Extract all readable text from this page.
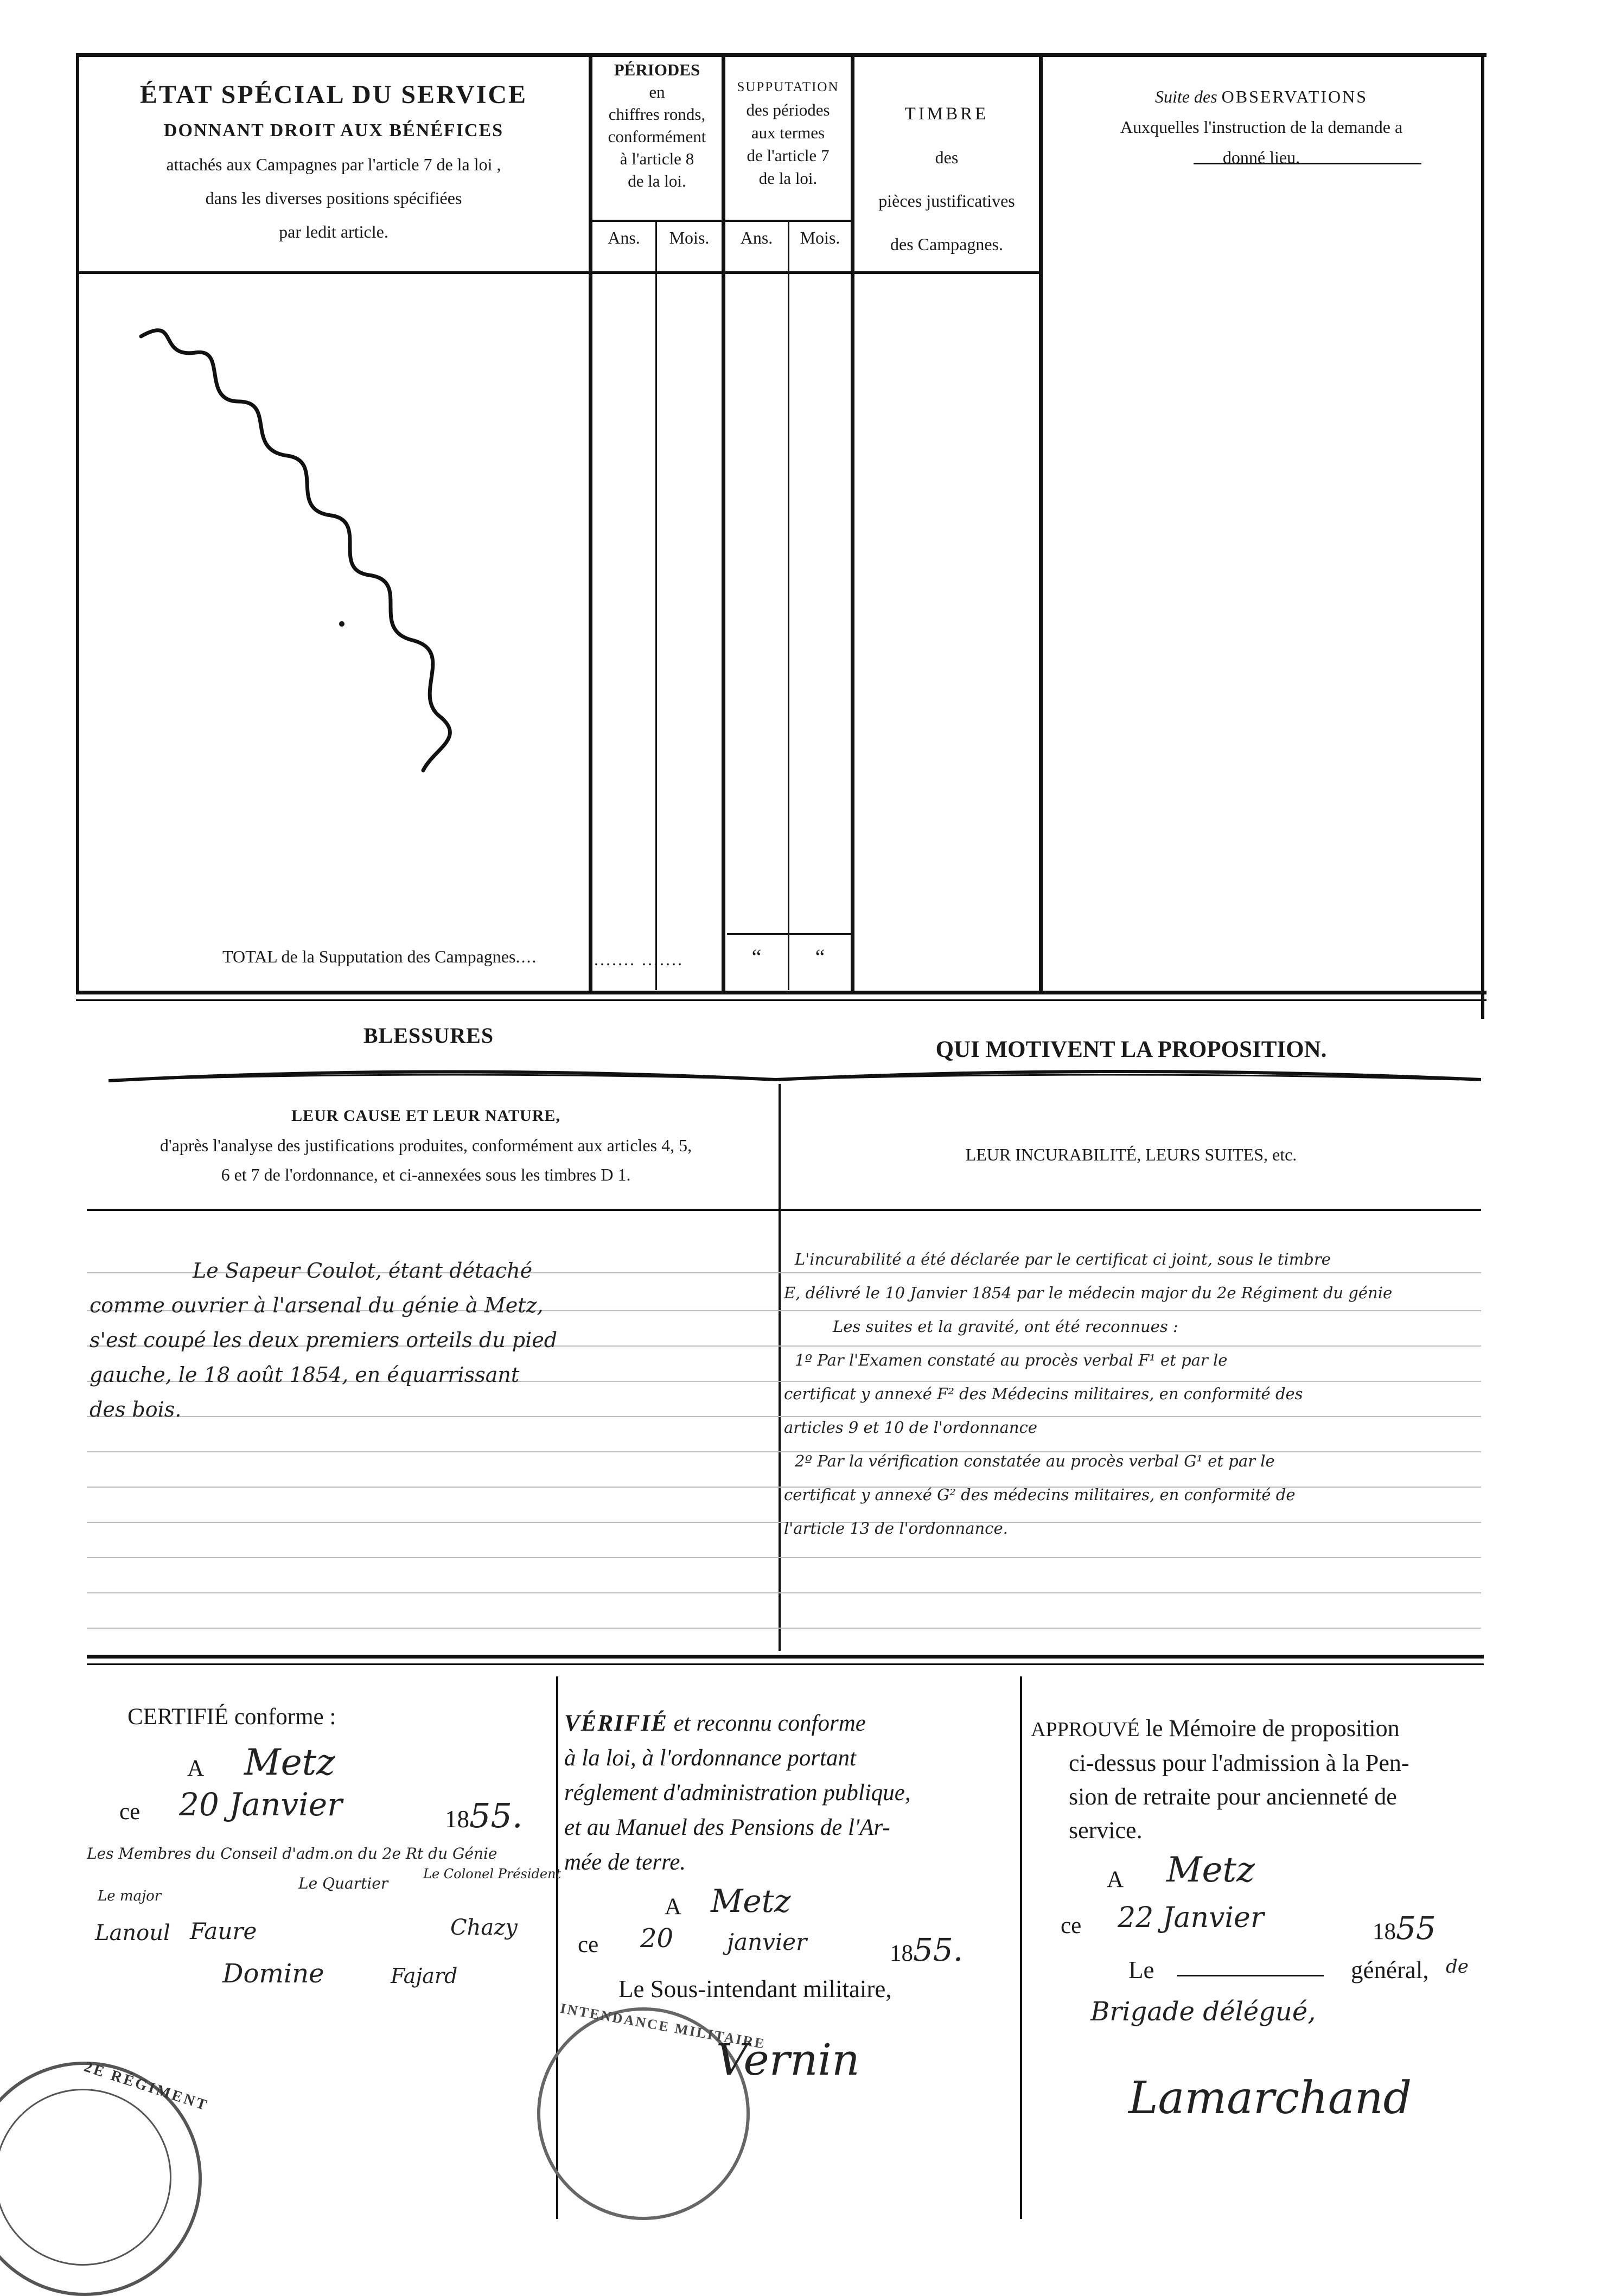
ÉTAT SPÉCIAL DU SERVICE
DONNANT DROIT AUX BÉNÉFICES
attachés aux Campagnes par l'article 7 de la loi ,
dans les diverses positions spécifiées
par ledit article.
PÉRIODES
en
chiffres ronds,
conformément
à l'article 8
de la loi.
Ans.	Mois.
SUPPUTATION
des périodes
aux termes
de l'article 7
de la loi.
Ans.	Mois.
TIMBRE
des
pièces justificatives
des Campagnes.
Suite des OBSERVATIONS
Auxquelles l'instruction de la demande a
donné lieu.
TOTAL de la Supputation des Campagnes....	....... .......	“	“
BLESSURES
QUI MOTIVENT LA PROPOSITION.
LEUR CAUSE ET LEUR NATURE,
d'après l'analyse des justifications produites, conformément aux articles 4, 5,
6 et 7 de l'ordonnance, et ci-annexées sous les timbres D 1.
LEUR INCURABILITÉ, LEURS SUITES, etc.
Le Sapeur Coulot, étant détaché
comme ouvrier à l'arsenal du génie à Metz,
s'est coupé les deux premiers orteils du pied
gauche, le 18 août 1854, en équarrissant
des bois.
L'incurabilité a été déclarée par le certificat ci joint, sous le timbre
E, délivré le 10 Janvier 1854 par le médecin major du 2e Régiment du génie
Les suites et la gravité, ont été reconnues :
1º Par l'Examen constaté au procès verbal F¹ et par le
certificat y annexé F² des Médecins militaires, en conformité des
articles 9 et 10 de l'ordonnance
2º Par la vérification constatée au procès verbal G¹ et par le
certificat y annexé G² des médecins militaires, en conformité de
l'article 13 de l'ordonnance.
CERTIFIÉ conforme :
A Metz
ce 20 Janvier	1855.
Les Membres du Conseil d'adm.on du 2e Rt du Génie
Le major
Le Quartier
Le Colonel Président
Lanoul Faure	Chazy
Domine	Fajard
2E RÉGIMENT
VÉRIFIÉ et reconnu conforme
à la loi, à l'ordonnance portant
réglement d'administration publique,
et au Manuel des Pensions de l'Ar-
mée de terre.
A Metz
ce 20 janvier	1855.
Le Sous-intendant militaire,
INTENDANCE MILITAIRE
Vernin
APPROUVÉ le Mémoire de proposition
ci-dessus pour l'admission à la Pen-
sion de retraite pour ancienneté de
service.
A Metz
ce 22 Janvier	1855
Le	général, de
Brigade délégué,
Lamarchand
